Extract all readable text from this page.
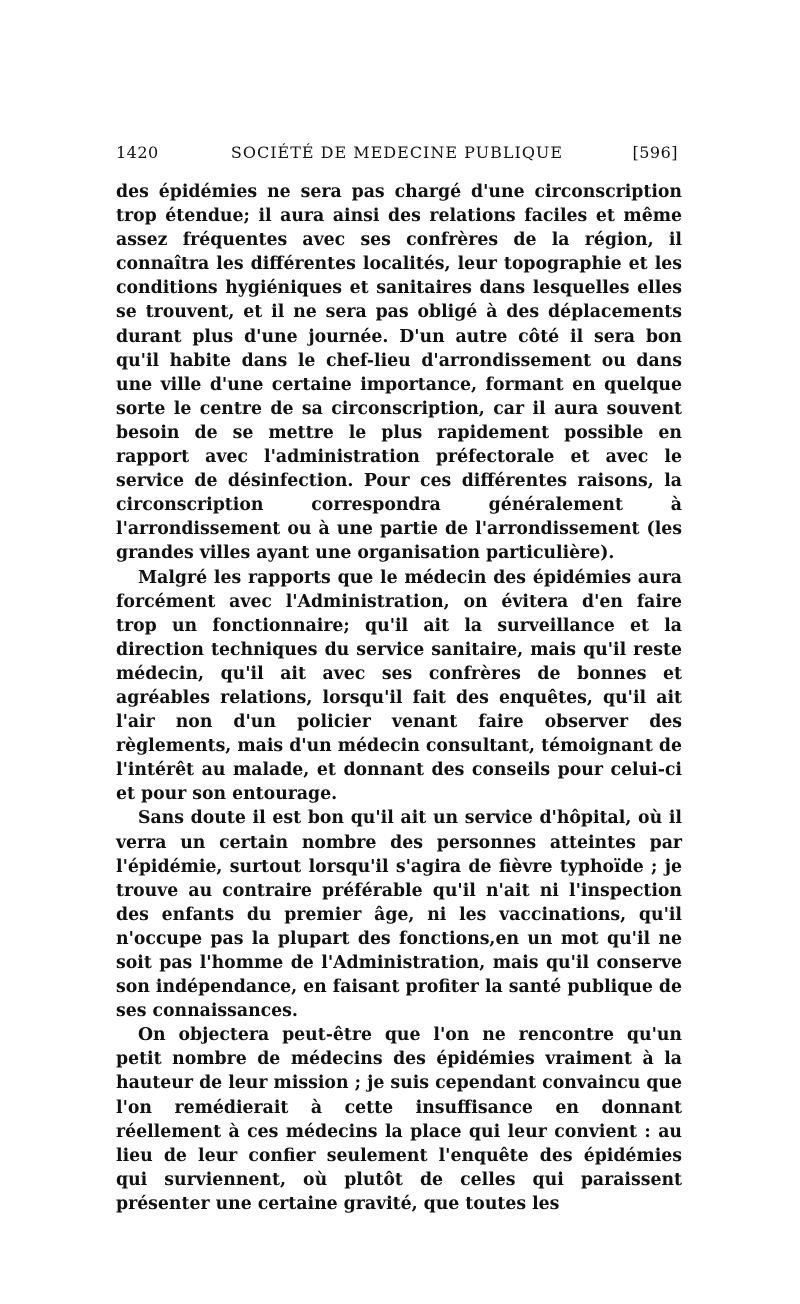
1420	SOCIÉTÉ DE MEDECINE PUBLIQUE	[596]

des épidémies ne sera pas chargé d'une circonscription trop étendue; il aura ainsi des relations faciles et même assez fréquentes avec ses confrères de la région, il connaîtra les différentes localités, leur topographie et les conditions hygiéniques et sanitaires dans lesquelles elles se trouvent, et il ne sera pas obligé à des déplacements durant plus d'une journée. D'un autre côté il sera bon qu'il habite dans le chef-lieu d'arrondissement ou dans une ville d'une certaine importance, formant en quelque sorte le centre de sa circonscription, car il aura souvent besoin de se mettre le plus rapidement possible en rapport avec l'administration préfectorale et avec le service de désinfection. Pour ces différentes raisons, la circonscription correspondra généralement à l'arrondissement ou à une partie de l'arrondissement (les grandes villes ayant une organisation particulière).

Malgré les rapports que le médecin des épidémies aura forcément avec l'Administration, on évitera d'en faire trop un fonctionnaire; qu'il ait la surveillance et la direction techniques du service sanitaire, mais qu'il reste médecin, qu'il ait avec ses confrères de bonnes et agréables relations, lorsqu'il fait des enquêtes, qu'il ait l'air non d'un policier venant faire observer des règlements, mais d'un médecin consultant, témoignant de l'intérêt au malade, et donnant des conseils pour celui-ci et pour son entourage.

Sans doute il est bon qu'il ait un service d'hôpital, où il verra un certain nombre des personnes atteintes par l'épidémie, surtout lorsqu'il s'agira de fièvre typhoïde ; je trouve au contraire préférable qu'il n'ait ni l'inspection des enfants du premier âge, ni les vaccinations, qu'il n'occupe pas la plupart des fonctions,en un mot qu'il ne soit pas l'homme de l'Administration, mais qu'il conserve son indépendance, en faisant profiter la santé publique de ses connaissances.

On objectera peut-être que l'on ne rencontre qu'un petit nombre de médecins des épidémies vraiment à la hauteur de leur mission ; je suis cependant convaincu que l'on remédierait à cette insuffisance en donnant réellement à ces médecins la place qui leur convient : au lieu de leur confier seulement l'enquête des épidémies qui surviennent, où plutôt de celles qui paraissent présenter une certaine gravité, que toutes les
